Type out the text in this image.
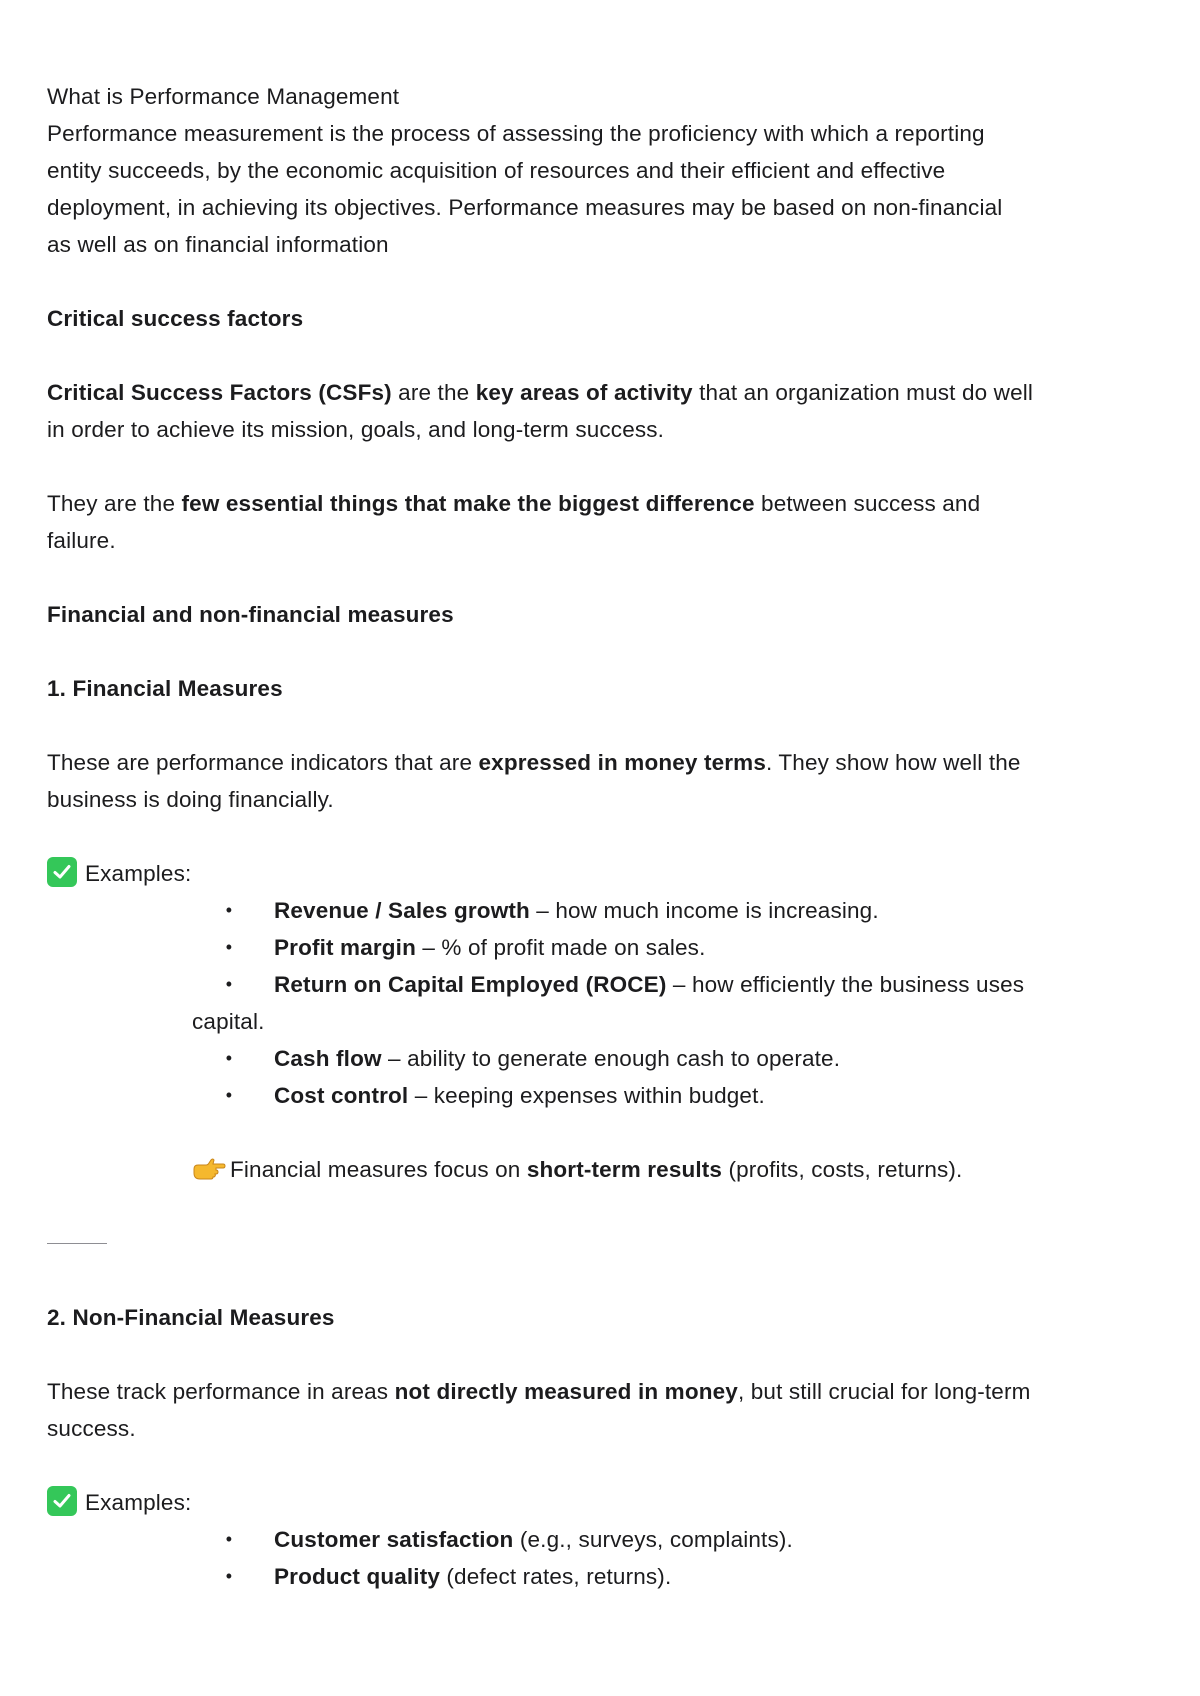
What is Performance Management
Performance measurement is the process of assessing the proficiency with which a reporting
entity succeeds, by the economic acquisition of resources and their efficient and effective
deployment, in achieving its objectives. Performance measures may be based on non-financial
as well as on financial information
Critical success factors
Critical Success Factors (CSFs) are the key areas of activity that an organization must do well
in order to achieve its mission, goals, and long-term success.
They are the few essential things that make the biggest difference between success and
failure.
Financial and non-financial measures
1. Financial Measures
These are performance indicators that are expressed in money terms. They show how well the
business is doing financially.
Examples:
•	Revenue / Sales growth – how much income is increasing.
•	Profit margin – % of profit made on sales.
•	Return on Capital Employed (ROCE) – how efficiently the business uses
capital.
•	Cash flow – ability to generate enough cash to operate.
•	Cost control – keeping expenses within budget.
Financial measures focus on short-term results (profits, costs, returns).
2. Non-Financial Measures
These track performance in areas not directly measured in money, but still crucial for long-term
success.
Examples:
•	Customer satisfaction (e.g., surveys, complaints).
•	Product quality (defect rates, returns).
